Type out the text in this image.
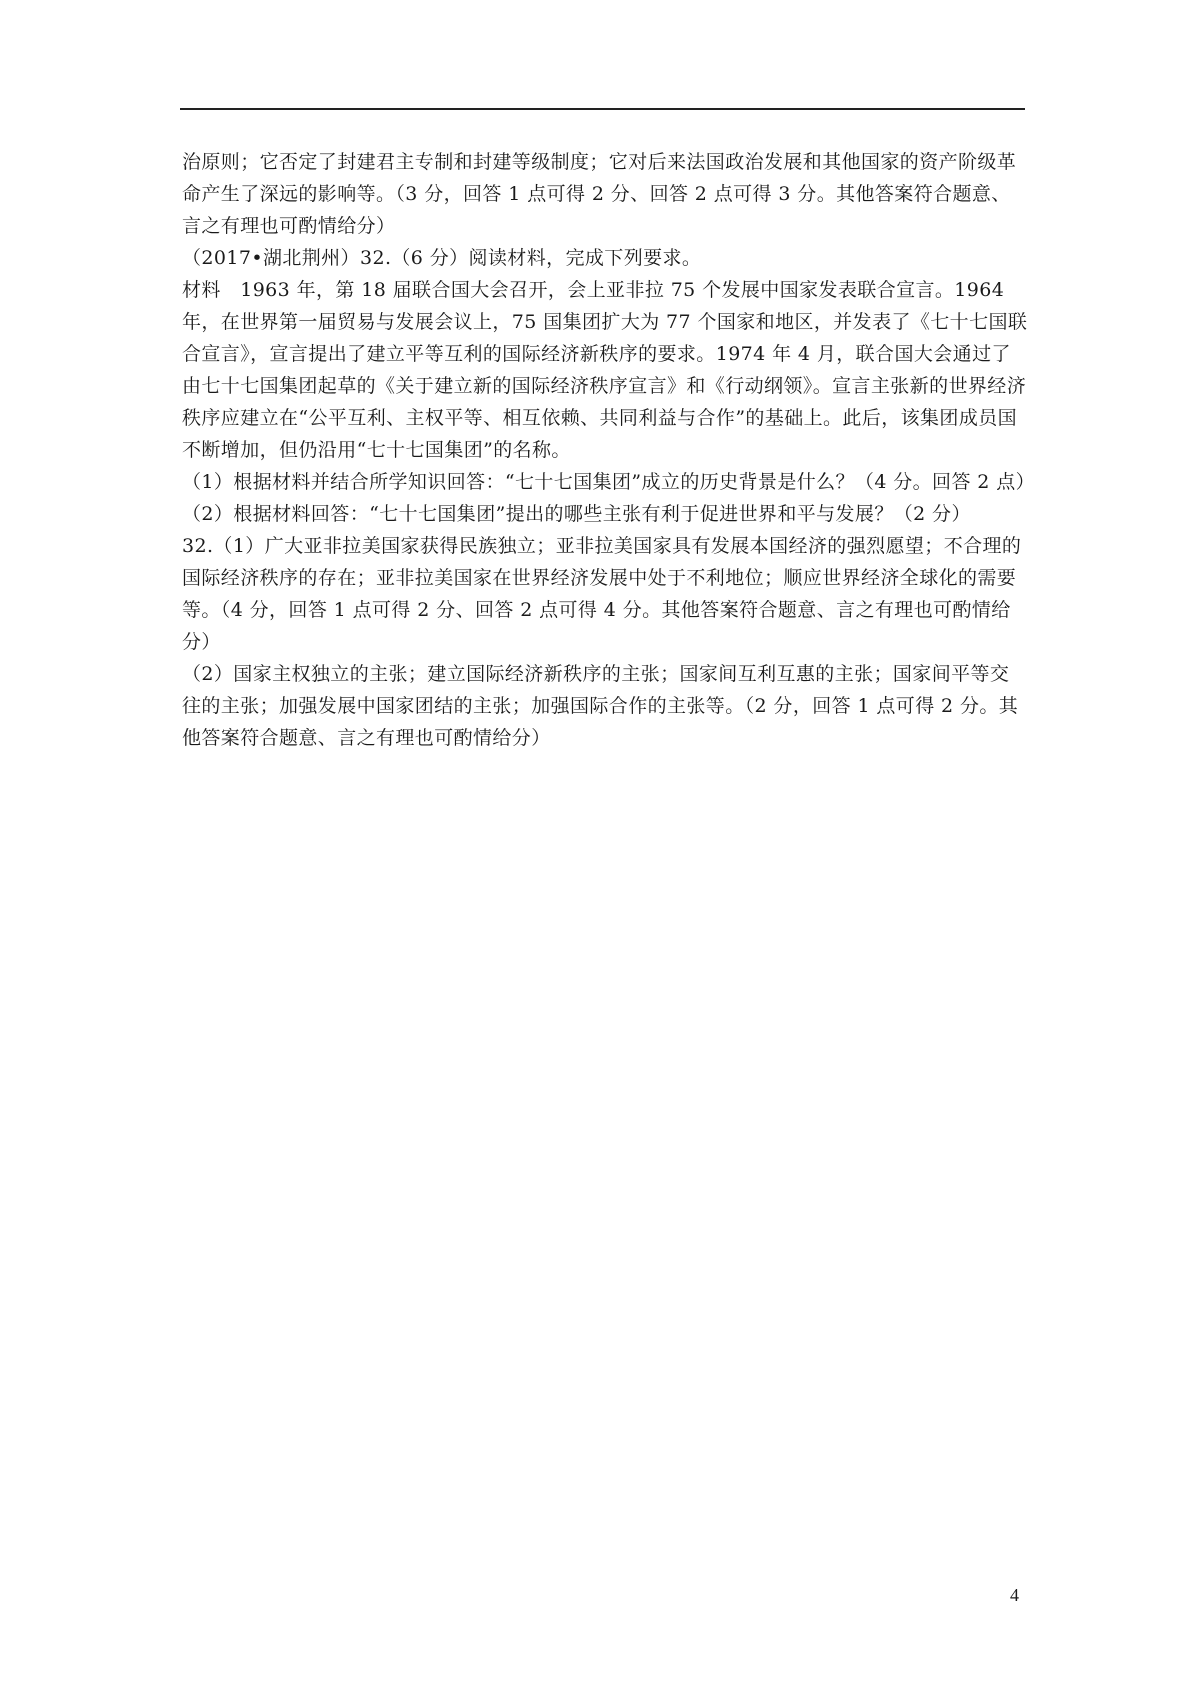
治原则；它否定了封建君主专制和封建等级制度；它对后来法国政治发展和其他国家的资产阶级革命产生了深远的影响等。（3 分，回答 1 点可得 2 分、回答 2 点可得 3 分。其他答案符合题意、言之有理也可酌情给分）

（2017•湖北荆州）32.（6 分）阅读材料，完成下列要求。

材料　1963 年，第 18 届联合国大会召开，会上亚非拉 75 个发展中国家发表联合宣言。1964 年，在世界第一届贸易与发展会议上，75 国集团扩大为 77 个国家和地区，并发表了《七十七国联合宣言》，宣言提出了建立平等互利的国际经济新秩序的要求。1974 年 4 月，联合国大会通过了由七十七国集团起草的《关于建立新的国际经济秩序宣言》和《行动纲领》。宣言主张新的世界经济秩序应建立在“公平互利、主权平等、相互依赖、共同利益与合作”的基础上。此后，该集团成员国不断增加，但仍沿用“七十七国集团”的名称。

（1）根据材料并结合所学知识回答：“七十七国集团”成立的历史背景是什么？（4 分。回答 2 点）

（2）根据材料回答：“七十七国集团”提出的哪些主张有利于促进世界和平与发展？（2 分）

32.（1）广大亚非拉美国家获得民族独立；亚非拉美国家具有发展本国经济的强烈愿望；不合理的国际经济秩序的存在；亚非拉美国家在世界经济发展中处于不利地位；顺应世界经济全球化的需要等。（4 分，回答 1 点可得 2 分、回答 2 点可得 4 分。其他答案符合题意、言之有理也可酌情给分）

（2）国家主权独立的主张；建立国际经济新秩序的主张；国家间互利互惠的主张；国家间平等交往的主张；加强发展中国家团结的主张；加强国际合作的主张等。（2 分，回答 1 点可得 2 分。其他答案符合题意、言之有理也可酌情给分）

4
